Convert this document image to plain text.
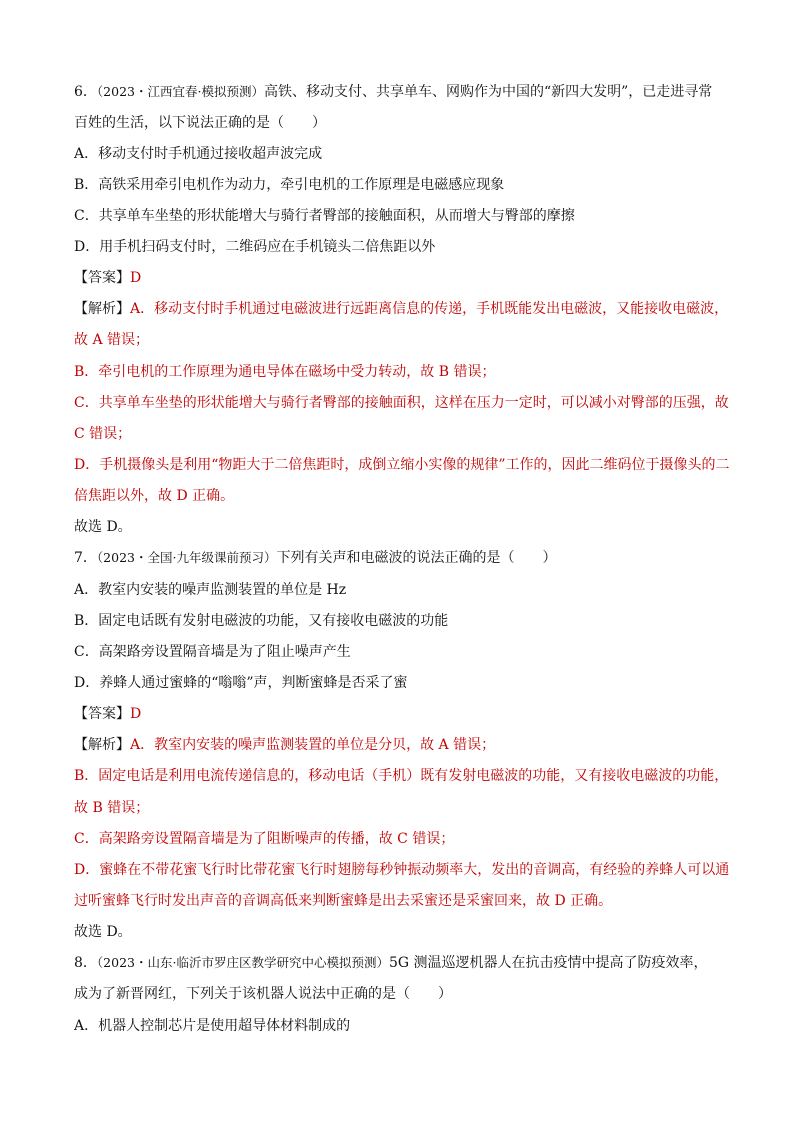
6．（2023・江西宜春·模拟预测）高铁、移动支付、共享单车、网购作为中国的“新四大发明”，已走进寻常
百姓的生活，以下说法正确的是（　　）
A．移动支付时手机通过接收超声波完成
B．高铁采用牵引电机作为动力，牵引电机的工作原理是电磁感应现象
C．共享单车坐垫的形状能增大与骑行者臀部的接触面积，从而增大与臀部的摩擦
D．用手机扫码支付时，二维码应在手机镜头二倍焦距以外
【答案】D
【解析】A．移动支付时手机通过电磁波进行远距离信息的传递，手机既能发出电磁波，又能接收电磁波，
故 A 错误；
B．牵引电机的工作原理为通电导体在磁场中受力转动，故 B 错误；
C．共享单车坐垫的形状能增大与骑行者臀部的接触面积，这样在压力一定时，可以减小对臀部的压强，故
C 错误；
D．手机摄像头是利用“物距大于二倍焦距时，成倒立缩小实像的规律”工作的，因此二维码位于摄像头的二
倍焦距以外，故 D 正确。
故选 D。
7．（2023・全国·九年级课前预习）下列有关声和电磁波的说法正确的是（　　）
A．教室内安装的噪声监测装置的单位是 Hz
B．固定电话既有发射电磁波的功能，又有接收电磁波的功能
C．高架路旁设置隔音墙是为了阻止噪声产生
D．养蜂人通过蜜蜂的“嗡嗡”声，判断蜜蜂是否采了蜜
【答案】D
【解析】A．教室内安装的噪声监测装置的单位是分贝，故 A 错误；
B．固定电话是利用电流传递信息的，移动电话（手机）既有发射电磁波的功能，又有接收电磁波的功能，
故 B 错误；
C．高架路旁设置隔音墙是为了阻断噪声的传播，故 C 错误；
D．蜜蜂在不带花蜜飞行时比带花蜜飞行时翅膀每秒钟振动频率大，发出的音调高，有经验的养蜂人可以通
过听蜜蜂飞行时发出声音的音调高低来判断蜜蜂是出去采蜜还是采蜜回来，故 D 正确。
故选 D。
8．（2023・山东·临沂市罗庄区教学研究中心模拟预测）5G 测温巡逻机器人在抗击疫情中提高了防疫效率，
成为了新晋网红，下列关于该机器人说法中正确的是（　　）
A．机器人控制芯片是使用超导体材料制成的
